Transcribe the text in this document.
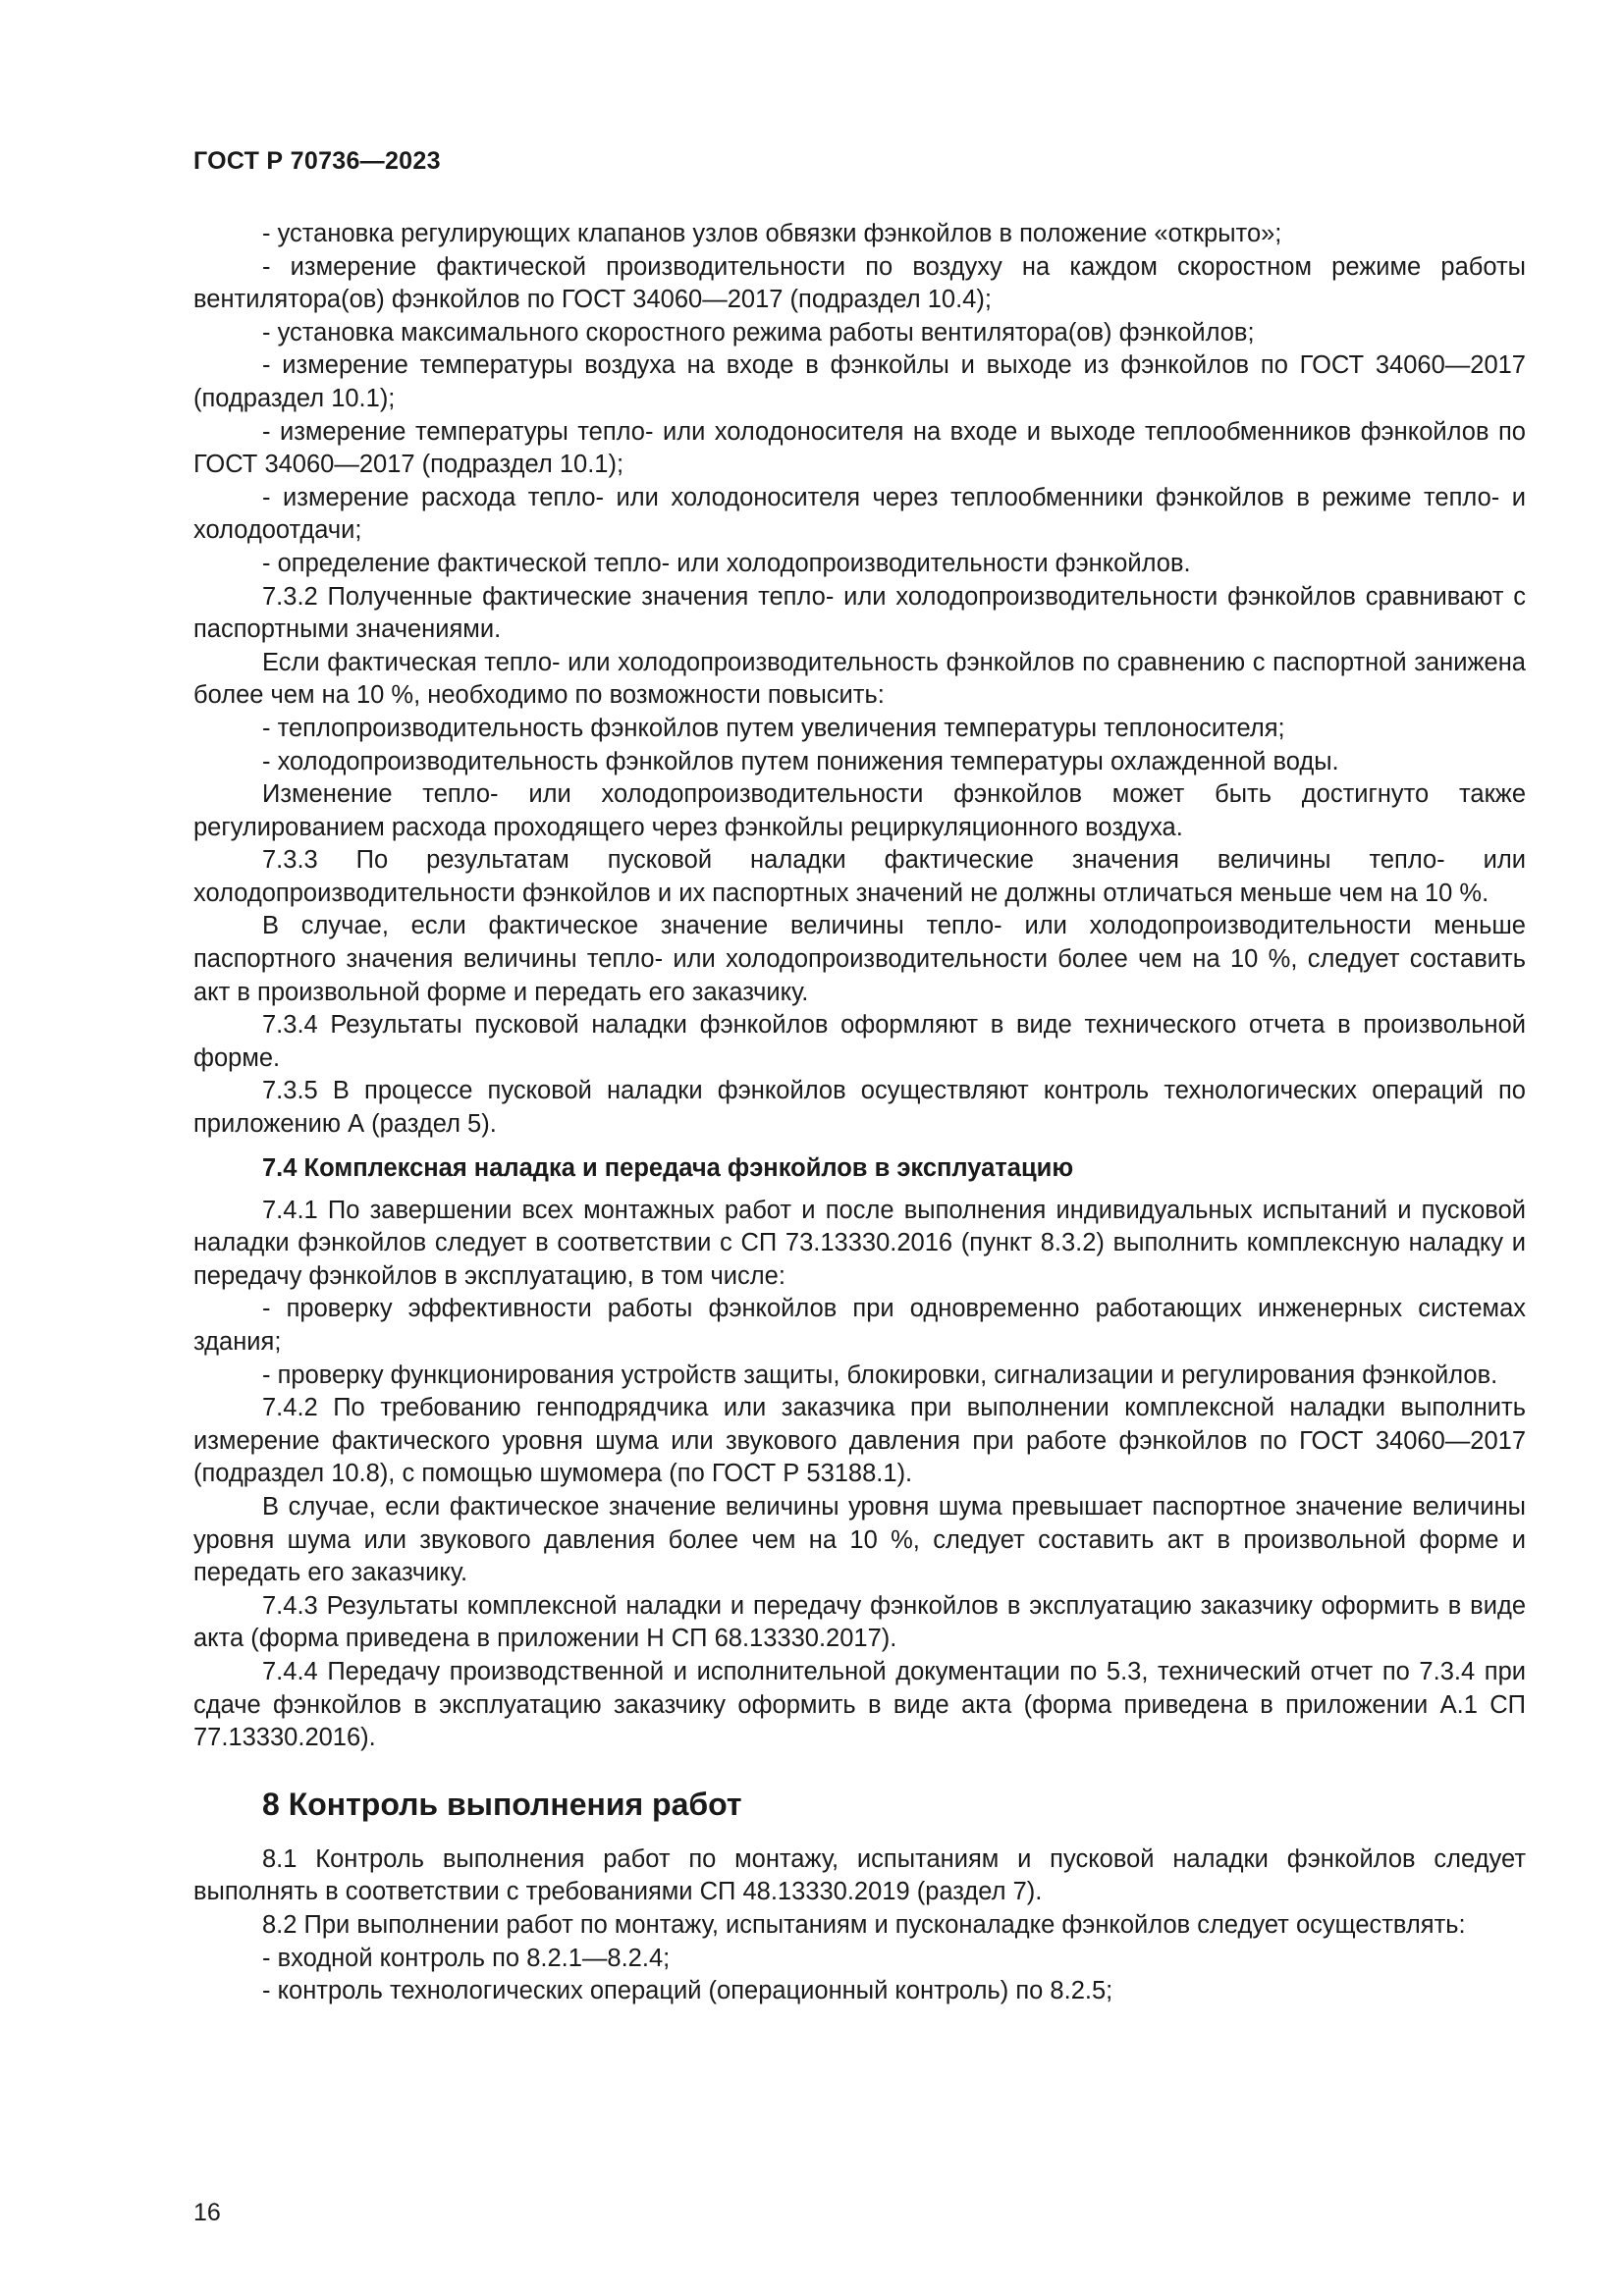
ГОСТ Р 70736—2023

- установка регулирующих клапанов узлов обвязки фэнкойлов в положение «открыто»;

- измерение фактической производительности по воздуху на каждом скоростном режиме работы вентилятора(ов) фэнкойлов по ГОСТ 34060—2017 (подраздел 10.4);

- установка максимального скоростного режима работы вентилятора(ов) фэнкойлов;

- измерение температуры воздуха на входе в фэнкойлы и выходе из фэнкойлов по ГОСТ 34060—2017 (подраздел 10.1);

- измерение температуры тепло- или холодоносителя на входе и выходе теплообменников фэнкойлов по ГОСТ 34060—2017 (подраздел 10.1);

- измерение расхода тепло- или холодоносителя через теплообменники фэнкойлов в режиме тепло- и холодоотдачи;

- определение фактической тепло- или холодопроизводительности фэнкойлов.

7.3.2 Полученные фактические значения тепло- или холодопроизводительности фэнкойлов сравнивают с паспортными значениями.

Если фактическая тепло- или холодопроизводительность фэнкойлов по сравнению с паспортной занижена более чем на 10 %, необходимо по возможности повысить:

- теплопроизводительность фэнкойлов путем увеличения температуры теплоносителя;

- холодопроизводительность фэнкойлов путем понижения температуры охлажденной воды.

Изменение тепло- или холодопроизводительности фэнкойлов может быть достигнуто также регулированием расхода проходящего через фэнкойлы рециркуляционного воздуха.

7.3.3 По результатам пусковой наладки фактические значения величины тепло- или холодопроизводительности фэнкойлов и их паспортных значений не должны отличаться меньше чем на 10 %.

В случае, если фактическое значение величины тепло- или холодопроизводительности меньше паспортного значения величины тепло- или холодопроизводительности более чем на 10 %, следует составить акт в произвольной форме и передать его заказчику.

7.3.4 Результаты пусковой наладки фэнкойлов оформляют в виде технического отчета в произвольной форме.

7.3.5 В процессе пусковой наладки фэнкойлов осуществляют контроль технологических операций по приложению А (раздел 5).

7.4 Комплексная наладка и передача фэнкойлов в эксплуатацию

7.4.1 По завершении всех монтажных работ и после выполнения индивидуальных испытаний и пусковой наладки фэнкойлов следует в соответствии с СП 73.13330.2016 (пункт 8.3.2) выполнить комплексную наладку и передачу фэнкойлов в эксплуатацию, в том числе:

- проверку эффективности работы фэнкойлов при одновременно работающих инженерных системах здания;

- проверку функционирования устройств защиты, блокировки, сигнализации и регулирования фэнкойлов.

7.4.2 По требованию генподрядчика или заказчика при выполнении комплексной наладки выполнить измерение фактического уровня шума или звукового давления при работе фэнкойлов по ГОСТ 34060—2017 (подраздел 10.8), с помощью шумомера (по ГОСТ Р 53188.1).

В случае, если фактическое значение величины уровня шума превышает паспортное значение величины уровня шума или звукового давления более чем на 10 %, следует составить акт в произвольной форме и передать его заказчику.

7.4.3 Результаты комплексной наладки и передачу фэнкойлов в эксплуатацию заказчику оформить в виде акта (форма приведена в приложении Н СП 68.13330.2017).

7.4.4 Передачу производственной и исполнительной документации по 5.3, технический отчет по 7.3.4 при сдаче фэнкойлов в эксплуатацию заказчику оформить в виде акта (форма приведена в приложении А.1 СП 77.13330.2016).

8 Контроль выполнения работ

8.1 Контроль выполнения работ по монтажу, испытаниям и пусковой наладки фэнкойлов следует выполнять в соответствии с требованиями СП 48.13330.2019 (раздел 7).

8.2 При выполнении работ по монтажу, испытаниям и пусконаладке фэнкойлов следует осуществлять:

- входной контроль по 8.2.1—8.2.4;

- контроль технологических операций (операционный контроль) по 8.2.5;

16
